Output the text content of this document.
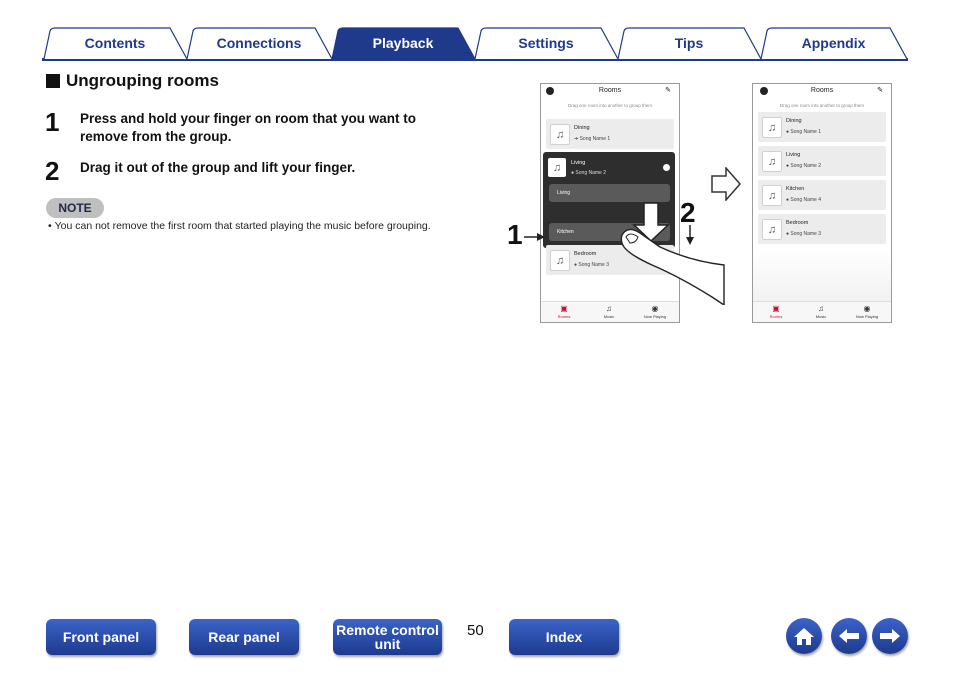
Contents	Connections	Playback	Settings	Tips	Appendix
Ungrouping rooms
1 Press and hold your finger on room that you want to
remove from the group.
2 Drag it out of the group and lift your finger.
NOTE
• You can not remove the first room that started playing the music before grouping.
Rooms	✎
Drag one room into another to group them
♫
Dining
➔ Song Name 1
♫	Living
● Song Name 2
Living
Kitchen
♫
Bedroom
● Song Name 3
▣
Rooms
♫
Music
◉
Now Playing
1
2
Rooms	✎
Drag one room into another to group them
♫
Dining
● Song Name 1
♫
Living
● Song Name 2
♫
Kitchen
● Song Name 4
♫
Bedroom
● Song Name 3
▣
Rooms
♫
Music
◉
Now Playing
Front panel	Rear panel	Remote control
unit
50	Index
